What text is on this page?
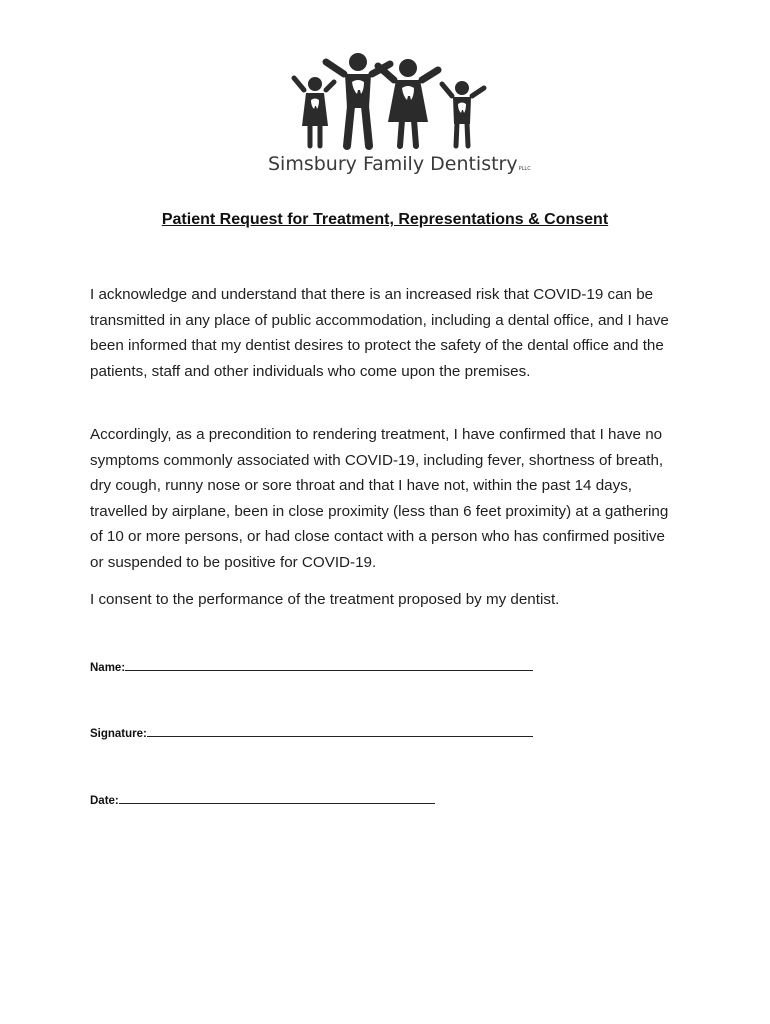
Simsbury Family DentistryPLLC
Patient Request for Treatment, Representations & Consent
I acknowledge and understand that there is an increased risk that COVID-19 can be transmitted in any place of public accommodation, including a dental office, and I have been informed that my dentist desires to protect the safety of the dental office and the patients, staff and other individuals who come upon the premises.
Accordingly, as a precondition to rendering treatment, I have confirmed that I have no symptoms commonly associated with COVID-19, including fever, shortness of breath, dry cough, runny nose or sore throat and that I have not, within the past 14 days, travelled by airplane, been in close proximity (less than 6 feet proximity) at a gathering of 10 or more persons, or had close contact with a person who has confirmed positive or suspended to be positive for COVID-19.
I consent to the performance of the treatment proposed by my dentist.
Name:
Signature:
Date:
